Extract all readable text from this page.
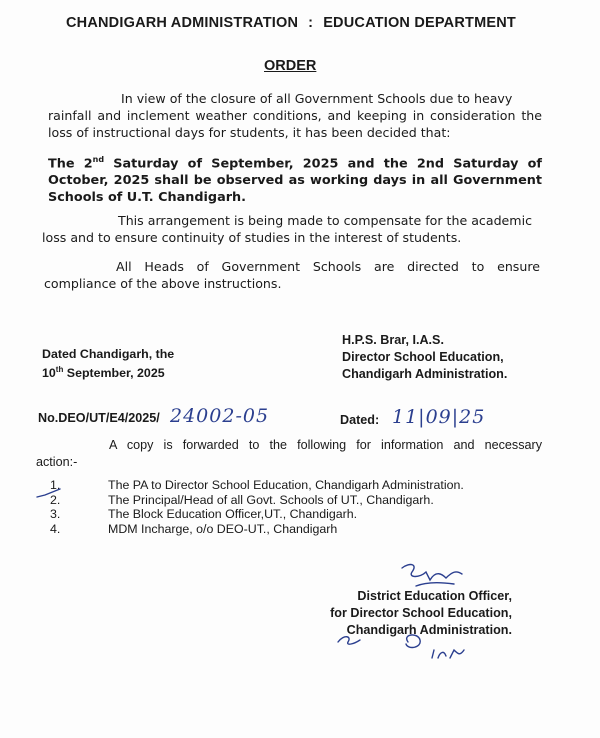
CHANDIGARH ADMINISTRATION : EDUCATION DEPARTMENT
ORDER
In view of the closure of all Government Schools due to heavy
rainfall and inclement weather conditions, and keeping in consideration the loss of instructional days for students, it has been decided that:
The 2nd Saturday of September, 2025 and the 2nd Saturday of October, 2025 shall be observed as working days in all Government Schools of U.T. Chandigarh.
This arrangement is being made to compensate for the academic
loss and to ensure continuity of studies in the interest of students.
All Heads of Government Schools are directed to ensure
compliance of the above instructions.
H.P.S. Brar, I.A.S.
Director School Education,
Chandigarh Administration.
Dated Chandigarh, the
10th September, 2025
No.DEO/UT/E4/2025/ 24002-05	Dated: 11|09|25
A copy is forwarded to the following for information and necessary
action:-
1.	The PA to Director School Education, Chandigarh Administration.
2.	The Principal/Head of all Govt. Schools of UT., Chandigarh.
3.	The Block Education Officer,UT., Chandigarh.
4.	MDM Incharge, o/o DEO-UT., Chandigarh
District Education Officer,
for Director School Education,
Chandigarh Administration.
